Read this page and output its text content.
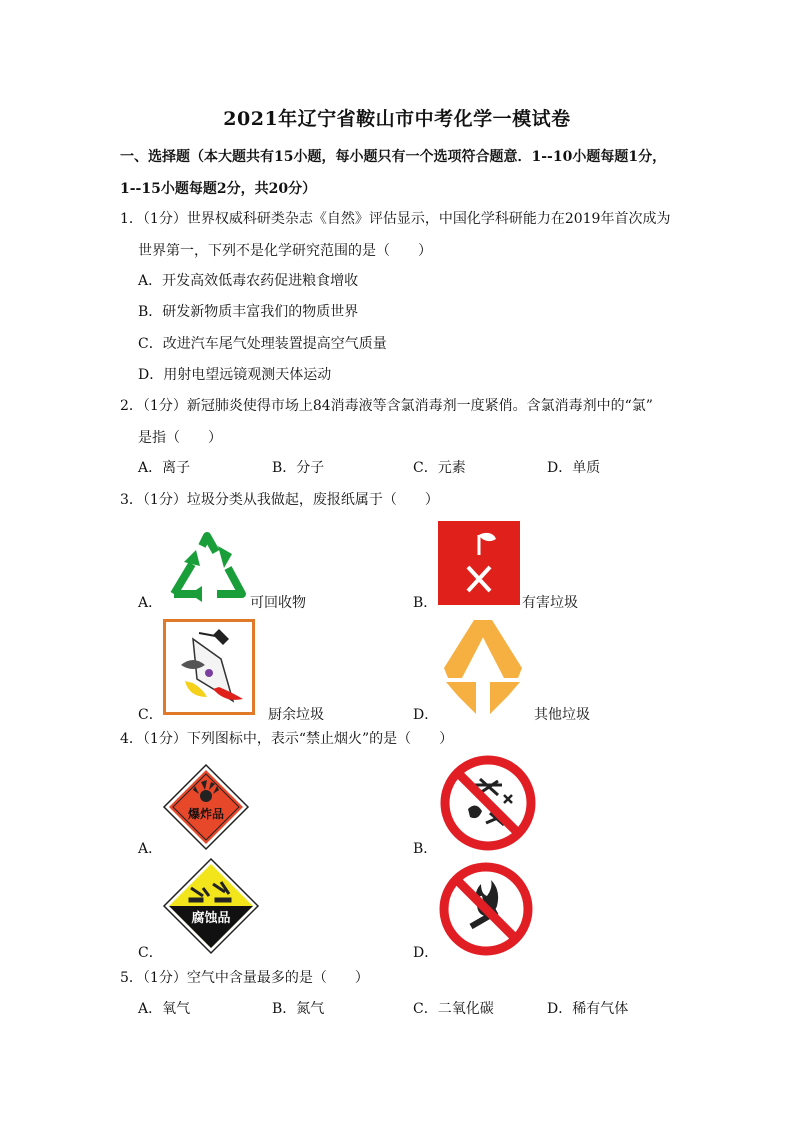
2021年辽宁省鞍山市中考化学一模试卷
一、选择题（本大题共有15小题，每小题只有一个选项符合题意．1--10小题每题1分，
1--15小题每题2分，共20分）
1．（1分）世界权威科研类杂志《自然》评估显示，中国化学科研能力在2019年首次成为
世界第一，下列不是化学研究范围的是（　　）
A．开发高效低毒农药促进粮食增收
B．研发新物质丰富我们的物质世界
C．改进汽车尾气处理装置提高空气质量
D．用射电望远镜观测天体运动
2．（1分）新冠肺炎使得市场上84消毒液等含氯消毒剂一度紧俏。含氯消毒剂中的“氯”
是指（　　）
A．离子	B．分子	C．元素	D．单质
3．（1分）垃圾分类从我做起，废报纸属于（　　）
A．	可回收物	B．	有害垃圾
C．	厨余垃圾	D．	其他垃圾
4．（1分）下列图标中，表示“禁止烟火”的是（　　）
爆炸品
A．	B．
腐蚀品
C．	D．
5．（1分）空气中含量最多的是（　　）
A．氧气	B．氮气	C．二氧化碳	D．稀有气体
